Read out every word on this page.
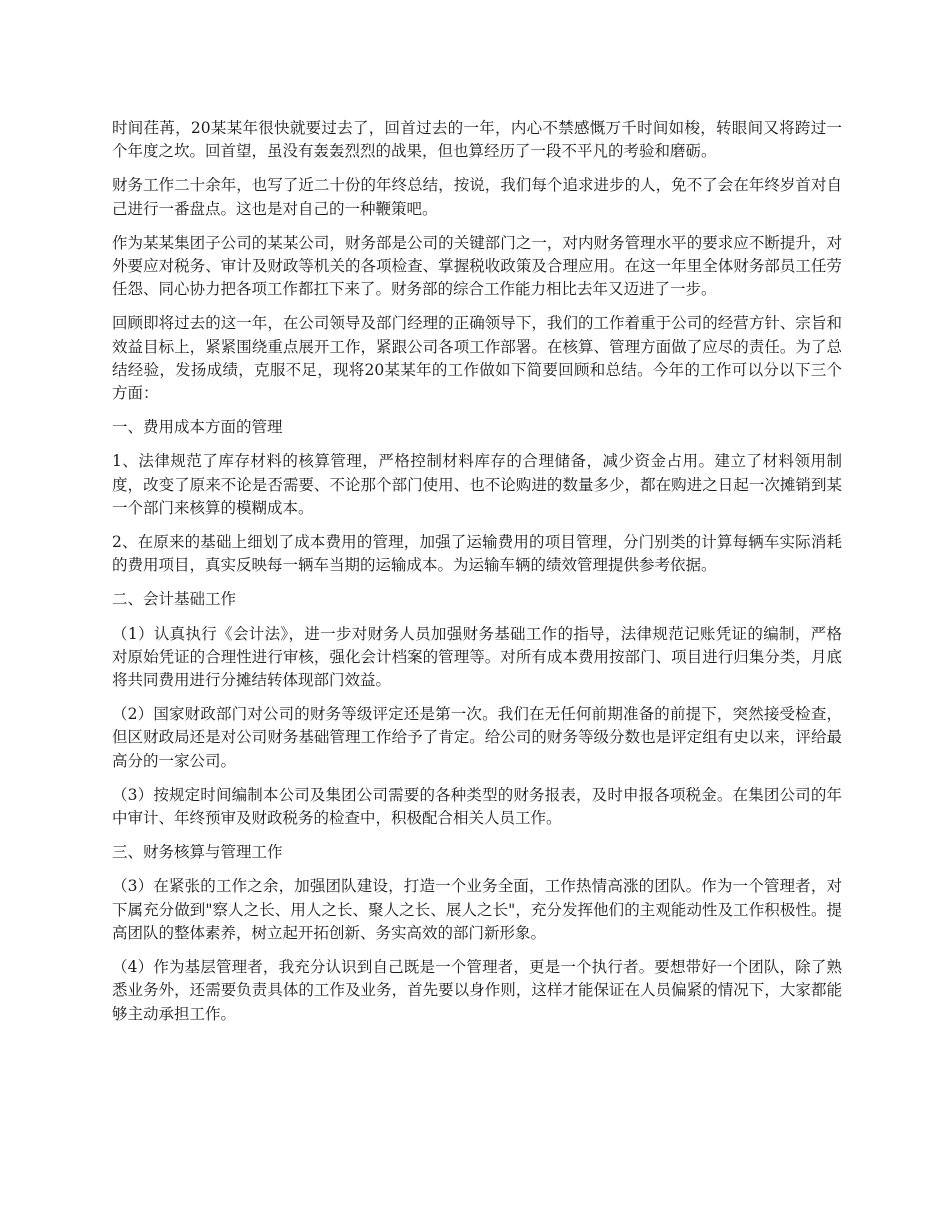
时间荏苒，20某某年很快就要过去了，回首过去的一年，内心不禁感慨万千时间如梭，转眼间又将跨过一个年度之坎。回首望，虽没有轰轰烈烈的战果，但也算经历了一段不平凡的考验和磨砺。

财务工作二十余年，也写了近二十份的年终总结，按说，我们每个追求进步的人，免不了会在年终岁首对自己进行一番盘点。这也是对自己的一种鞭策吧。

作为某某集团子公司的某某公司，财务部是公司的关键部门之一，对内财务管理水平的要求应不断提升，对外要应对税务、审计及财政等机关的各项检查、掌握税收政策及合理应用。在这一年里全体财务部员工任劳任怨、同心协力把各项工作都扛下来了。财务部的综合工作能力相比去年又迈进了一步。

回顾即将过去的这一年，在公司领导及部门经理的正确领导下，我们的工作着重于公司的经营方针、宗旨和效益目标上，紧紧围绕重点展开工作，紧跟公司各项工作部署。在核算、管理方面做了应尽的责任。为了总结经验，发扬成绩，克服不足，现将20某某年的工作做如下简要回顾和总结。今年的工作可以分以下三个方面：

一、费用成本方面的管理

1、法律规范了库存材料的核算管理，严格控制材料库存的合理储备，减少资金占用。建立了材料领用制度，改变了原来不论是否需要、不论那个部门使用、也不论购进的数量多少，都在购进之日起一次摊销到某一个部门来核算的模糊成本。

2、在原来的基础上细划了成本费用的管理，加强了运输费用的项目管理，分门别类的计算每辆车实际消耗的费用项目，真实反映每一辆车当期的运输成本。为运输车辆的绩效管理提供参考依据。

二、会计基础工作

（1）认真执行《会计法》，进一步对财务人员加强财务基础工作的指导，法律规范记账凭证的编制，严格对原始凭证的合理性进行审核，强化会计档案的管理等。对所有成本费用按部门、项目进行归集分类，月底将共同费用进行分摊结转体现部门效益。

（2）国家财政部门对公司的财务等级评定还是第一次。我们在无任何前期准备的前提下，突然接受检查，但区财政局还是对公司财务基础管理工作给予了肯定。给公司的财务等级分数也是评定组有史以来，评给最高分的一家公司。

（3）按规定时间编制本公司及集团公司需要的各种类型的财务报表，及时申报各项税金。在集团公司的年中审计、年终预审及财政税务的检查中，积极配合相关人员工作。

三、财务核算与管理工作

（3）在紧张的工作之余，加强团队建设，打造一个业务全面，工作热情高涨的团队。作为一个管理者，对下属充分做到"察人之长、用人之长、聚人之长、展人之长"，充分发挥他们的主观能动性及工作积极性。提高团队的整体素养，树立起开拓创新、务实高效的部门新形象。

（4）作为基层管理者，我充分认识到自己既是一个管理者，更是一个执行者。要想带好一个团队，除了熟悉业务外，还需要负责具体的工作及业务，首先要以身作则，这样才能保证在人员偏紧的情况下，大家都能够主动承担工作。
